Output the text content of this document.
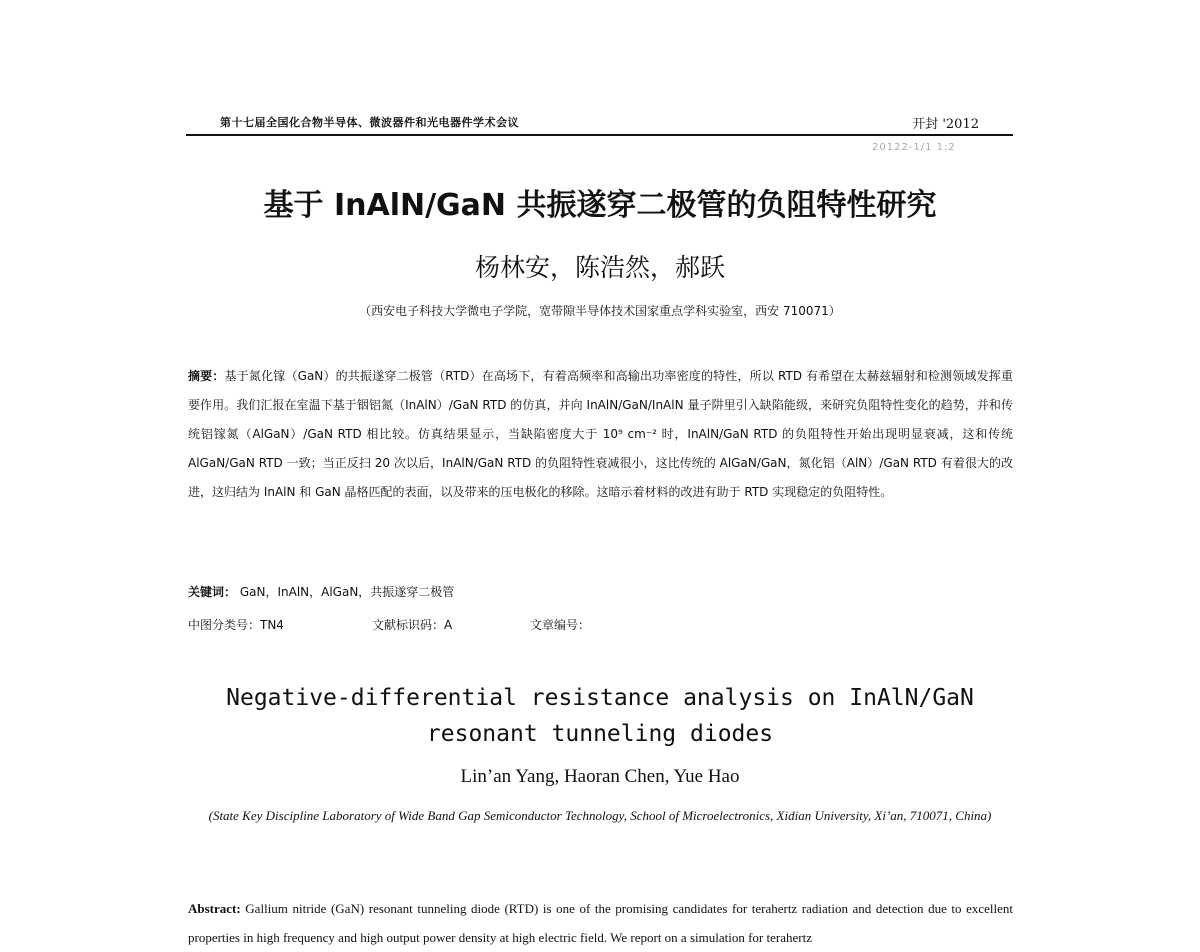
第十七届全国化合物半导体、微波器件和光电器件学术会议	开封 '2012
20122-1/1 1:2
基于 InAlN/GaN 共振遂穿二极管的负阻特性研究
杨林安，陈浩然，郝跃
（西安电子科技大学微电子学院，宽带隙半导体技术国家重点学科实验室，西安 710071）
摘要：基于氮化镓（GaN）的共振遂穿二极管（RTD）在高场下，有着高频率和高输出功率密度的特性，所以 RTD 有希望在太赫兹辐射和检测领域发挥重要作用。我们汇报在室温下基于铟铝氮（InAlN）/GaN RTD 的仿真，并向 InAlN/GaN/InAlN 量子阱里引入缺陷能级，来研究负阻特性变化的趋势，并和传统铝镓氮（AlGaN）/GaN RTD 相比较。仿真结果显示，当缺陷密度大于 10⁹ cm⁻² 时，InAlN/GaN RTD 的负阻特性开始出现明显衰减，这和传统 AlGaN/GaN RTD 一致；当正反扫 20 次以后，InAlN/GaN RTD 的负阻特性衰减很小，这比传统的 AlGaN/GaN，氮化铝（AlN）/GaN RTD 有着很大的改进，这归结为 InAlN 和 GaN 晶格匹配的表面，以及带来的压电极化的移除。这暗示着材料的改进有助于 RTD 实现稳定的负阻特性。
关键词： GaN，InAlN，AlGaN，共振遂穿二极管
中图分类号：TN4	文献标识码：A	文章编号：
Negative-differential resistance analysis on InAlN/GaN
resonant tunneling diodes
Lin’an Yang, Haoran Chen, Yue Hao
(State Key Discipline Laboratory of Wide Band Gap Semiconductor Technology, School of Microelectronics, Xidian University, Xi’an, 710071, China)
Abstract: Gallium nitride (GaN) resonant tunneling diode (RTD) is one of the promising candidates for terahertz radiation and detection due to excellent properties in high frequency and high output power density at high electric field. We report on a simulation for terahertz
